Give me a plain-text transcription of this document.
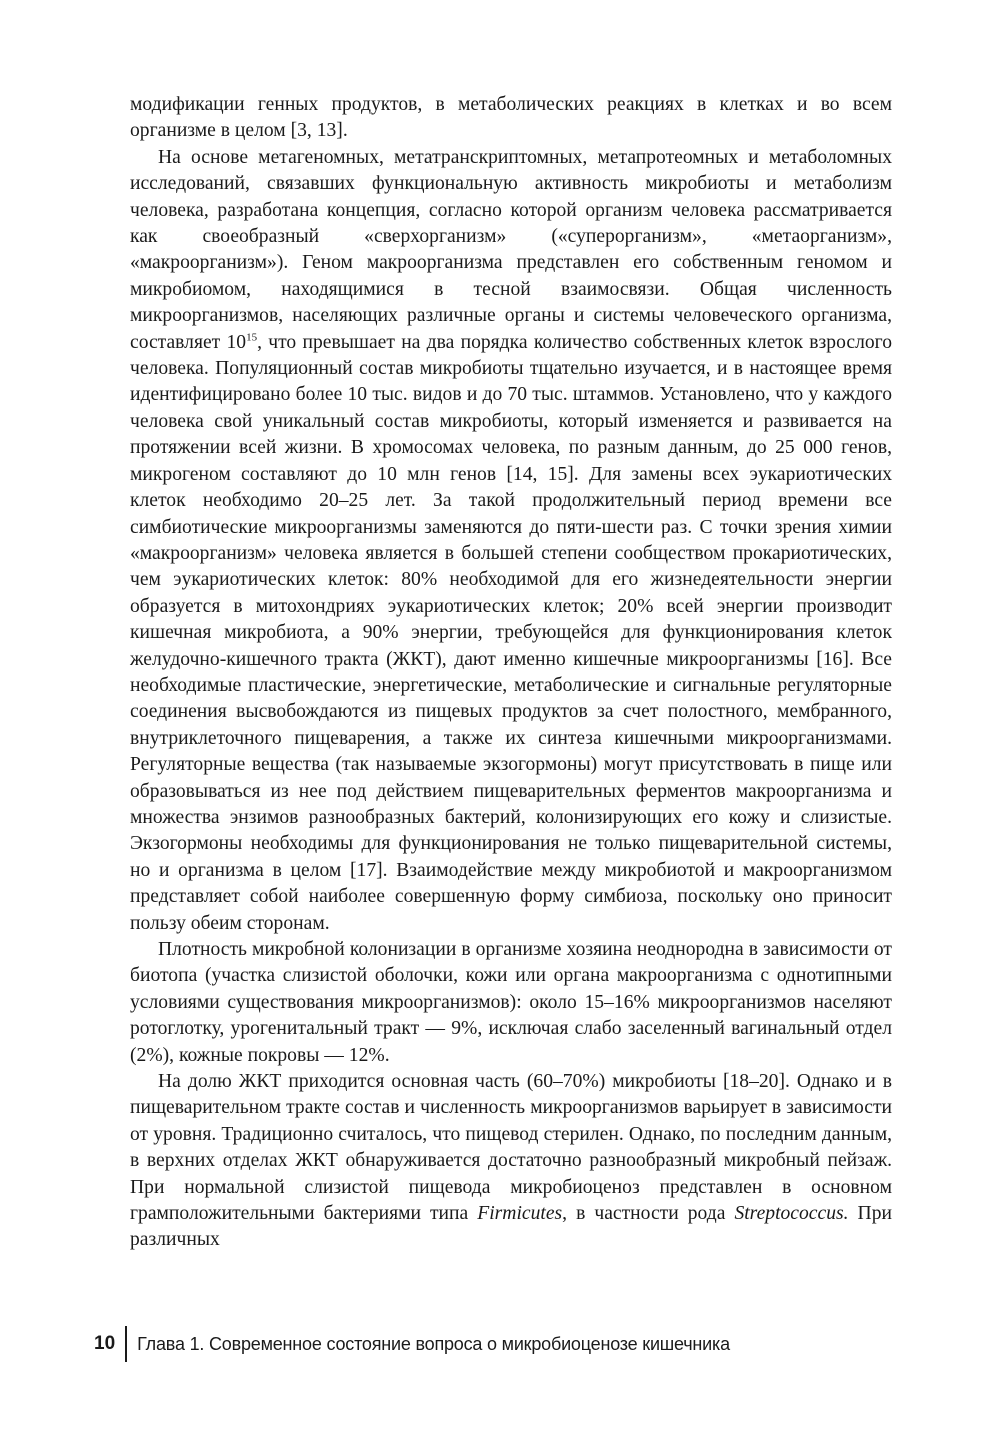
модификации генных продуктов, в метаболических реакциях в клетках и во всем организме в целом [3, 13].

На основе метагеномных, метатранскриптомных, метапротеомных и метаболомных исследований, связавших функциональную активность микробиоты и метаболизм человека, разработана концепция, согласно которой организм человека рассматривается как своеобразный «сверхорганизм» («суперорганизм», «метаорганизм», «макроорганизм»). Геном макроорганизма представлен его собственным геномом и микробиомом, находящимися в тесной взаимосвязи. Общая численность микроорганизмов, населяющих различные органы и системы человеческого организма, составляет $10^{15}$, что превышает на два порядка количество собственных клеток взрослого человека. Популяционный состав микробиоты тщательно изучается, и в настоящее время идентифицировано более 10 тыс. видов и до 70 тыс. штаммов. Установлено, что у каждого человека свой уникальный состав микробиоты, который изменяется и развивается на протяжении всей жизни. В хромосомах человека, по разным данным, до 25 000 генов, микрогеном составляют до 10 млн генов [14, 15]. Для замены всех эукариотических клеток необходимо 20–25 лет. За такой продолжительный период времени все симбиотические микроорганизмы заменяются до пяти-шести раз. С точки зрения химии «макроорганизм» человека является в большей степени сообществом прокариотических, чем эукариотических клеток: 80% необходимой для его жизнедеятельности энергии образуется в митохондриях эукариотических клеток; 20% всей энергии производит кишечная микробиота, а 90% энергии, требующейся для функционирования клеток желудочно-кишечного тракта (ЖКТ), дают именно кишечные микроорганизмы [16]. Все необходимые пластические, энергетические, метаболические и сигнальные регуляторные соединения высвобождаются из пищевых продуктов за счет полостного, мембранного, внутриклеточного пищеварения, а также их синтеза кишечными микроорганизмами. Регуляторные вещества (так называемые экзогормоны) могут присутствовать в пище или образовываться из нее под действием пищеварительных ферментов макроорганизма и множества энзимов разнообразных бактерий, колонизирующих его кожу и слизистые. Экзогормоны необходимы для функционирования не только пищеварительной системы, но и организма в целом [17]. Взаимодействие между микробиотой и макроорганизмом представляет собой наиболее совершенную форму симбиоза, поскольку оно приносит пользу обеим сторонам.

Плотность микробной колонизации в организме хозяина неоднородна в зависимости от биотопа (участка слизистой оболочки, кожи или органа макроорганизма с однотипными условиями существования микроорганизмов): около 15–16% микроорганизмов населяют ротоглотку, урогенитальный тракт — 9%, исключая слабо заселенный вагинальный отдел (2%), кожные покровы — 12%.

На долю ЖКТ приходится основная часть (60–70%) микробиоты [18–20]. Однако и в пищеварительном тракте состав и численность микроорганизмов варьирует в зависимости от уровня. Традиционно считалось, что пищевод стерилен. Однако, по последним данным, в верхних отделах ЖКТ обнаруживается достаточно разнообразный микробный пейзаж. При нормальной слизистой пищевода микробиоценоз представлен в основном грамположительными бактериями типа Firmicutes, в частности рода Streptococcus. При различных

10	Глава 1. Современное состояние вопроса о микробиоценозе кишечника
